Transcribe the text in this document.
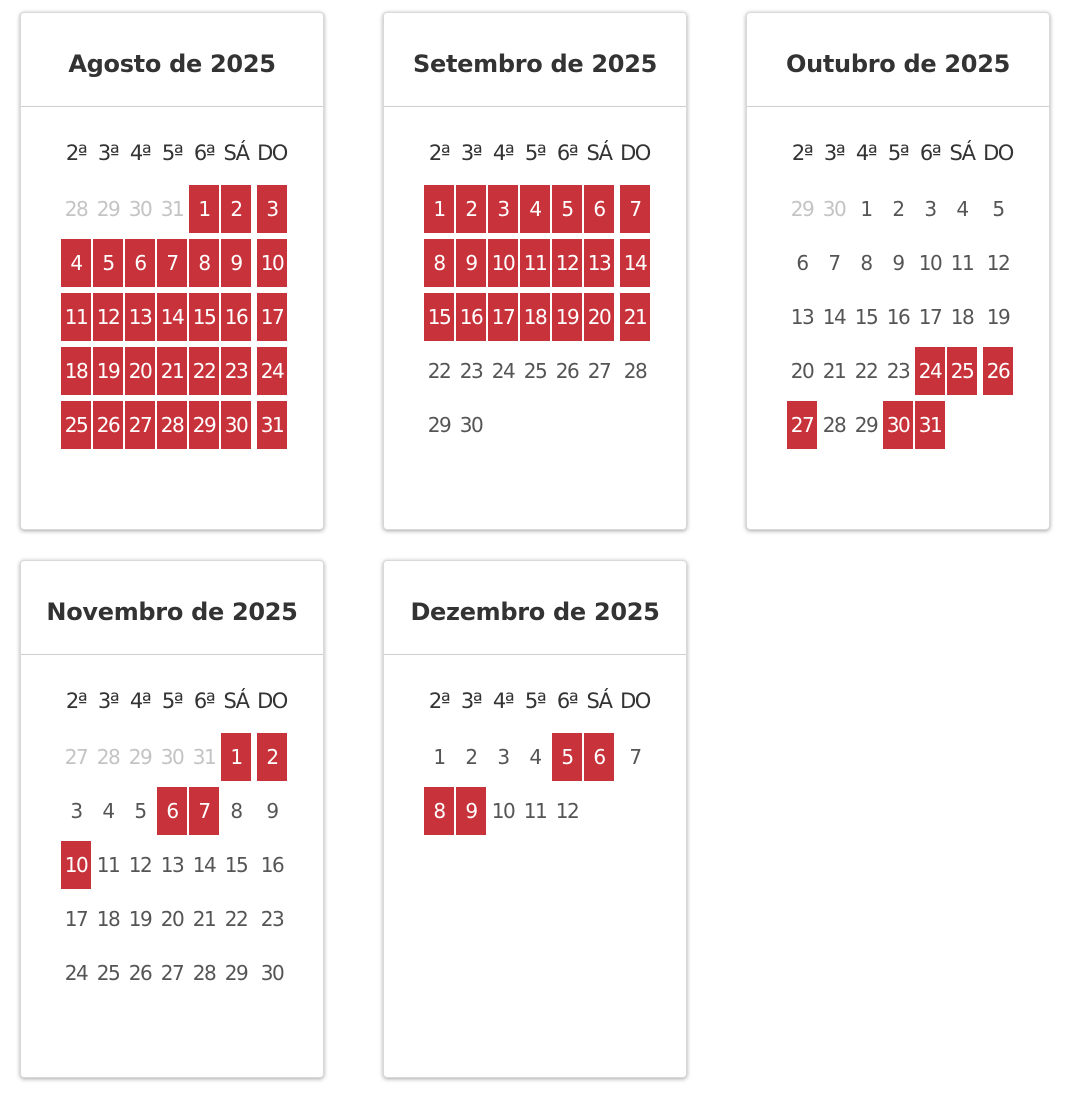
Agosto de 2025
2ª 3ª 4ª 5ª 6ª SÁ DO
28 29 30 31 1	2	3
4	5	6	7	8	9 10
11 12 13 14 15 16 17
18 19 20 21 22 23 24
25 26 27 28 29 30 31
Setembro de 2025
2ª 3ª 4ª 5ª 6ª SÁ DO
1	2	3	4	5	6	7
8	9 10 11 12 13 14
15 16 17 18 19 20 21
22 23 24 25 26 27 28
29 30
Outubro de 2025
2ª 3ª 4ª 5ª 6ª SÁ DO
29 30 1	2	3	4	5
6	7	8	9 10 11 12
13 14 15 16 17 18 19
20 21 22 23 24 25 26
27 28 29 30 31
Novembro de 2025
2ª 3ª 4ª 5ª 6ª SÁ DO
27 28 29 30 31 1	2
3	4	5	6	7	8	9
10 11 12 13 14 15 16
17 18 19 20 21 22 23
24 25 26 27 28 29 30
Dezembro de 2025
2ª 3ª 4ª 5ª 6ª SÁ DO
1	2	3	4	5	6	7
8	9 10 11 12
